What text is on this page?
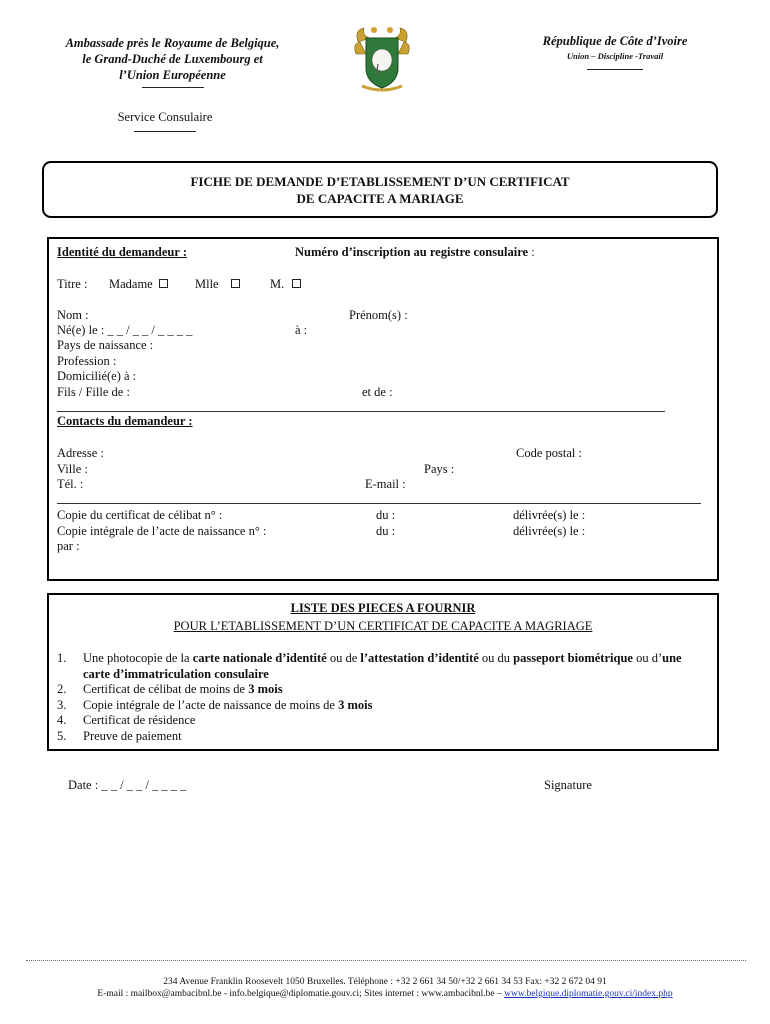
Ambassade près le Royaume de Belgique,
le Grand-Duché de Luxembourg et
l’Union Européenne
Service Consulaire
République de Côte d’Ivoire
Union – Discipline -Travail
FICHE DE DEMANDE D’ETABLISSEMENT D’UN CERTIFICAT
DE CAPACITE A MARIAGE
Identité du demandeur :	Numéro d’inscription au registre consulaire :
Titre : Madame	Mlle	M.
Nom :	Prénom(s) :
Né(e) le : _ _ / _ _ / _ _ _ _	à :
Pays de naissance :
Profession :
Domicilié(e) à :
Fils / Fille de :	et de :
Contacts du demandeur :
Adresse :	Code postal :
Ville :	Pays :
Tél. :	E-mail :
Copie du certificat de célibat n° :	du :	délivrée(s) le :
Copie intégrale de l’acte de naissance n° :	du :	délivrée(s) le :
par :
LISTE DES PIECES A FOURNIR
POUR L’ETABLISSEMENT D’UN CERTIFICAT DE CAPACITE A MAGRIAGE
1. Une photocopie de la carte nationale d’identité ou de l’attestation d’identité ou du passeport biométrique ou d’une carte d’immatriculation consulaire
2. Certificat de célibat de moins de 3 mois
3. Copie intégrale de l’acte de naissance de moins de 3 mois
4. Certificat de résidence
5. Preuve de paiement
Date : _ _ / _ _ / _ _ _ _	Signature
234 Avenue Franklin Roosevelt 1050 Bruxelles. Téléphone : +32 2 661 34 50/+32 2 661 34 53 Fax: +32 2 672 04 91
E-mail : mailbox@ambacibnl.be - info.belgique@diplomatie.gouv.ci; Sites internet : www.ambacibnl.be – www.belgique.diplomatie.gouv.ci/index.php
